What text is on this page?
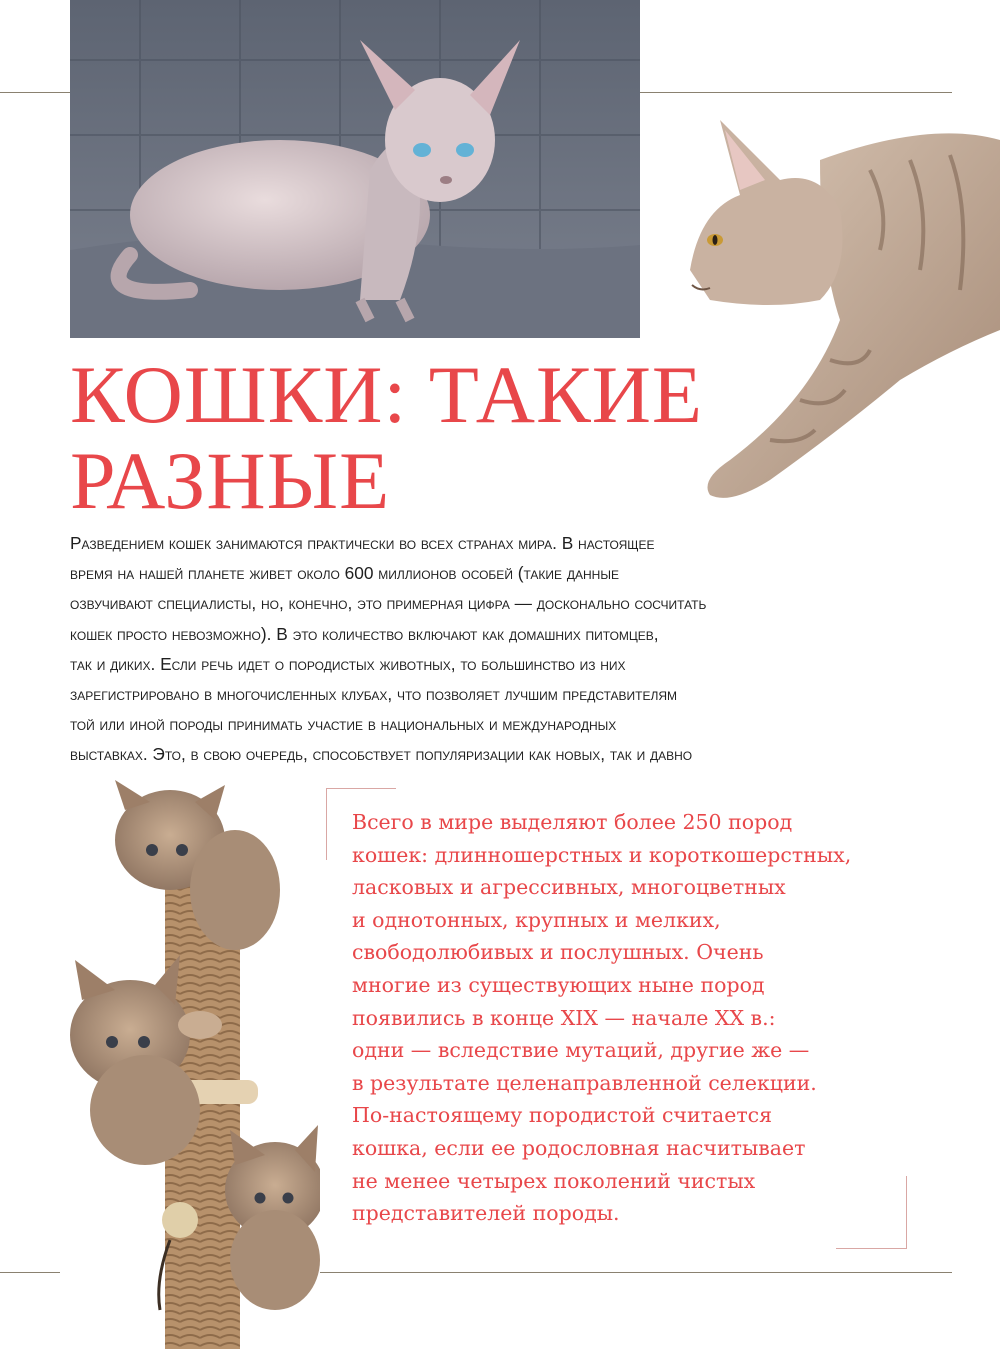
КОШКИ: ТАКИЕ
РАЗНЫЕ

Разведением кошек занимаются практически во всех странах мира. В настоящее
время на нашей планете живет около 600 миллионов особей (такие данные
озвучивают специалисты, но, конечно, это примерная цифра — досконально сосчитать
кошек просто невозможно). В это количество включают как домашних питомцев,
так и диких. Если речь идет о породистых животных, то большинство из них
зарегистрировано в многочисленных клубах, что позволяет лучшим представителям
той или иной породы принимать участие в национальных и международных
выставках. Это, в свою очередь, способствует популяризации как новых, так и давно

Всего в мире выделяют более 250 пород
кошек: длинношерстных и короткошерстных,
ласковых и агрессивных, многоцветных
и однотонных, крупных и мелких,
свободолюбивых и послушных. Очень
многие из существующих ныне пород
появились в конце XIX — начале XX в.:
одни — вследствие мутаций, другие же —
в результате целенаправленной селекции.
По-настоящему породистой считается
кошка, если ее родословная насчитывает
не менее четырех поколений чистых
представителей породы.
